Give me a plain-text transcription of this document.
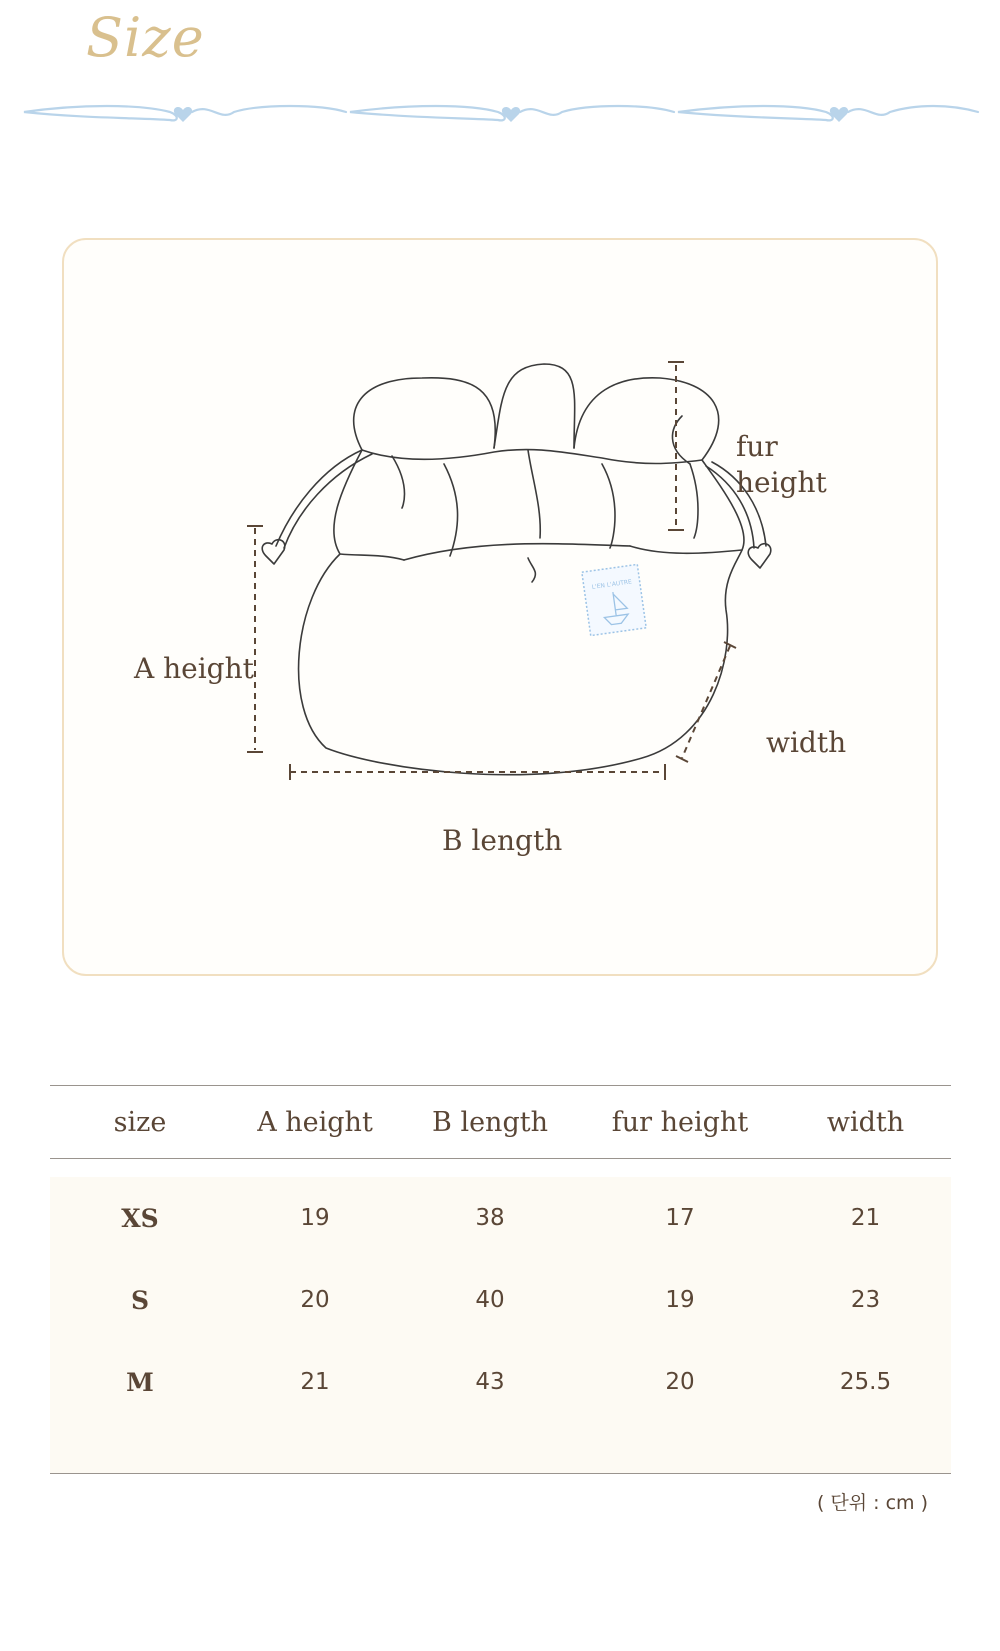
Size
L'EN L'AUTRE
fur
height
A height
width
B length
size	A height	B length	fur height	width
XS	19	38	17	21
S	20	40	19	23
M	21	43	20	25.5
( 단위 : cm )
